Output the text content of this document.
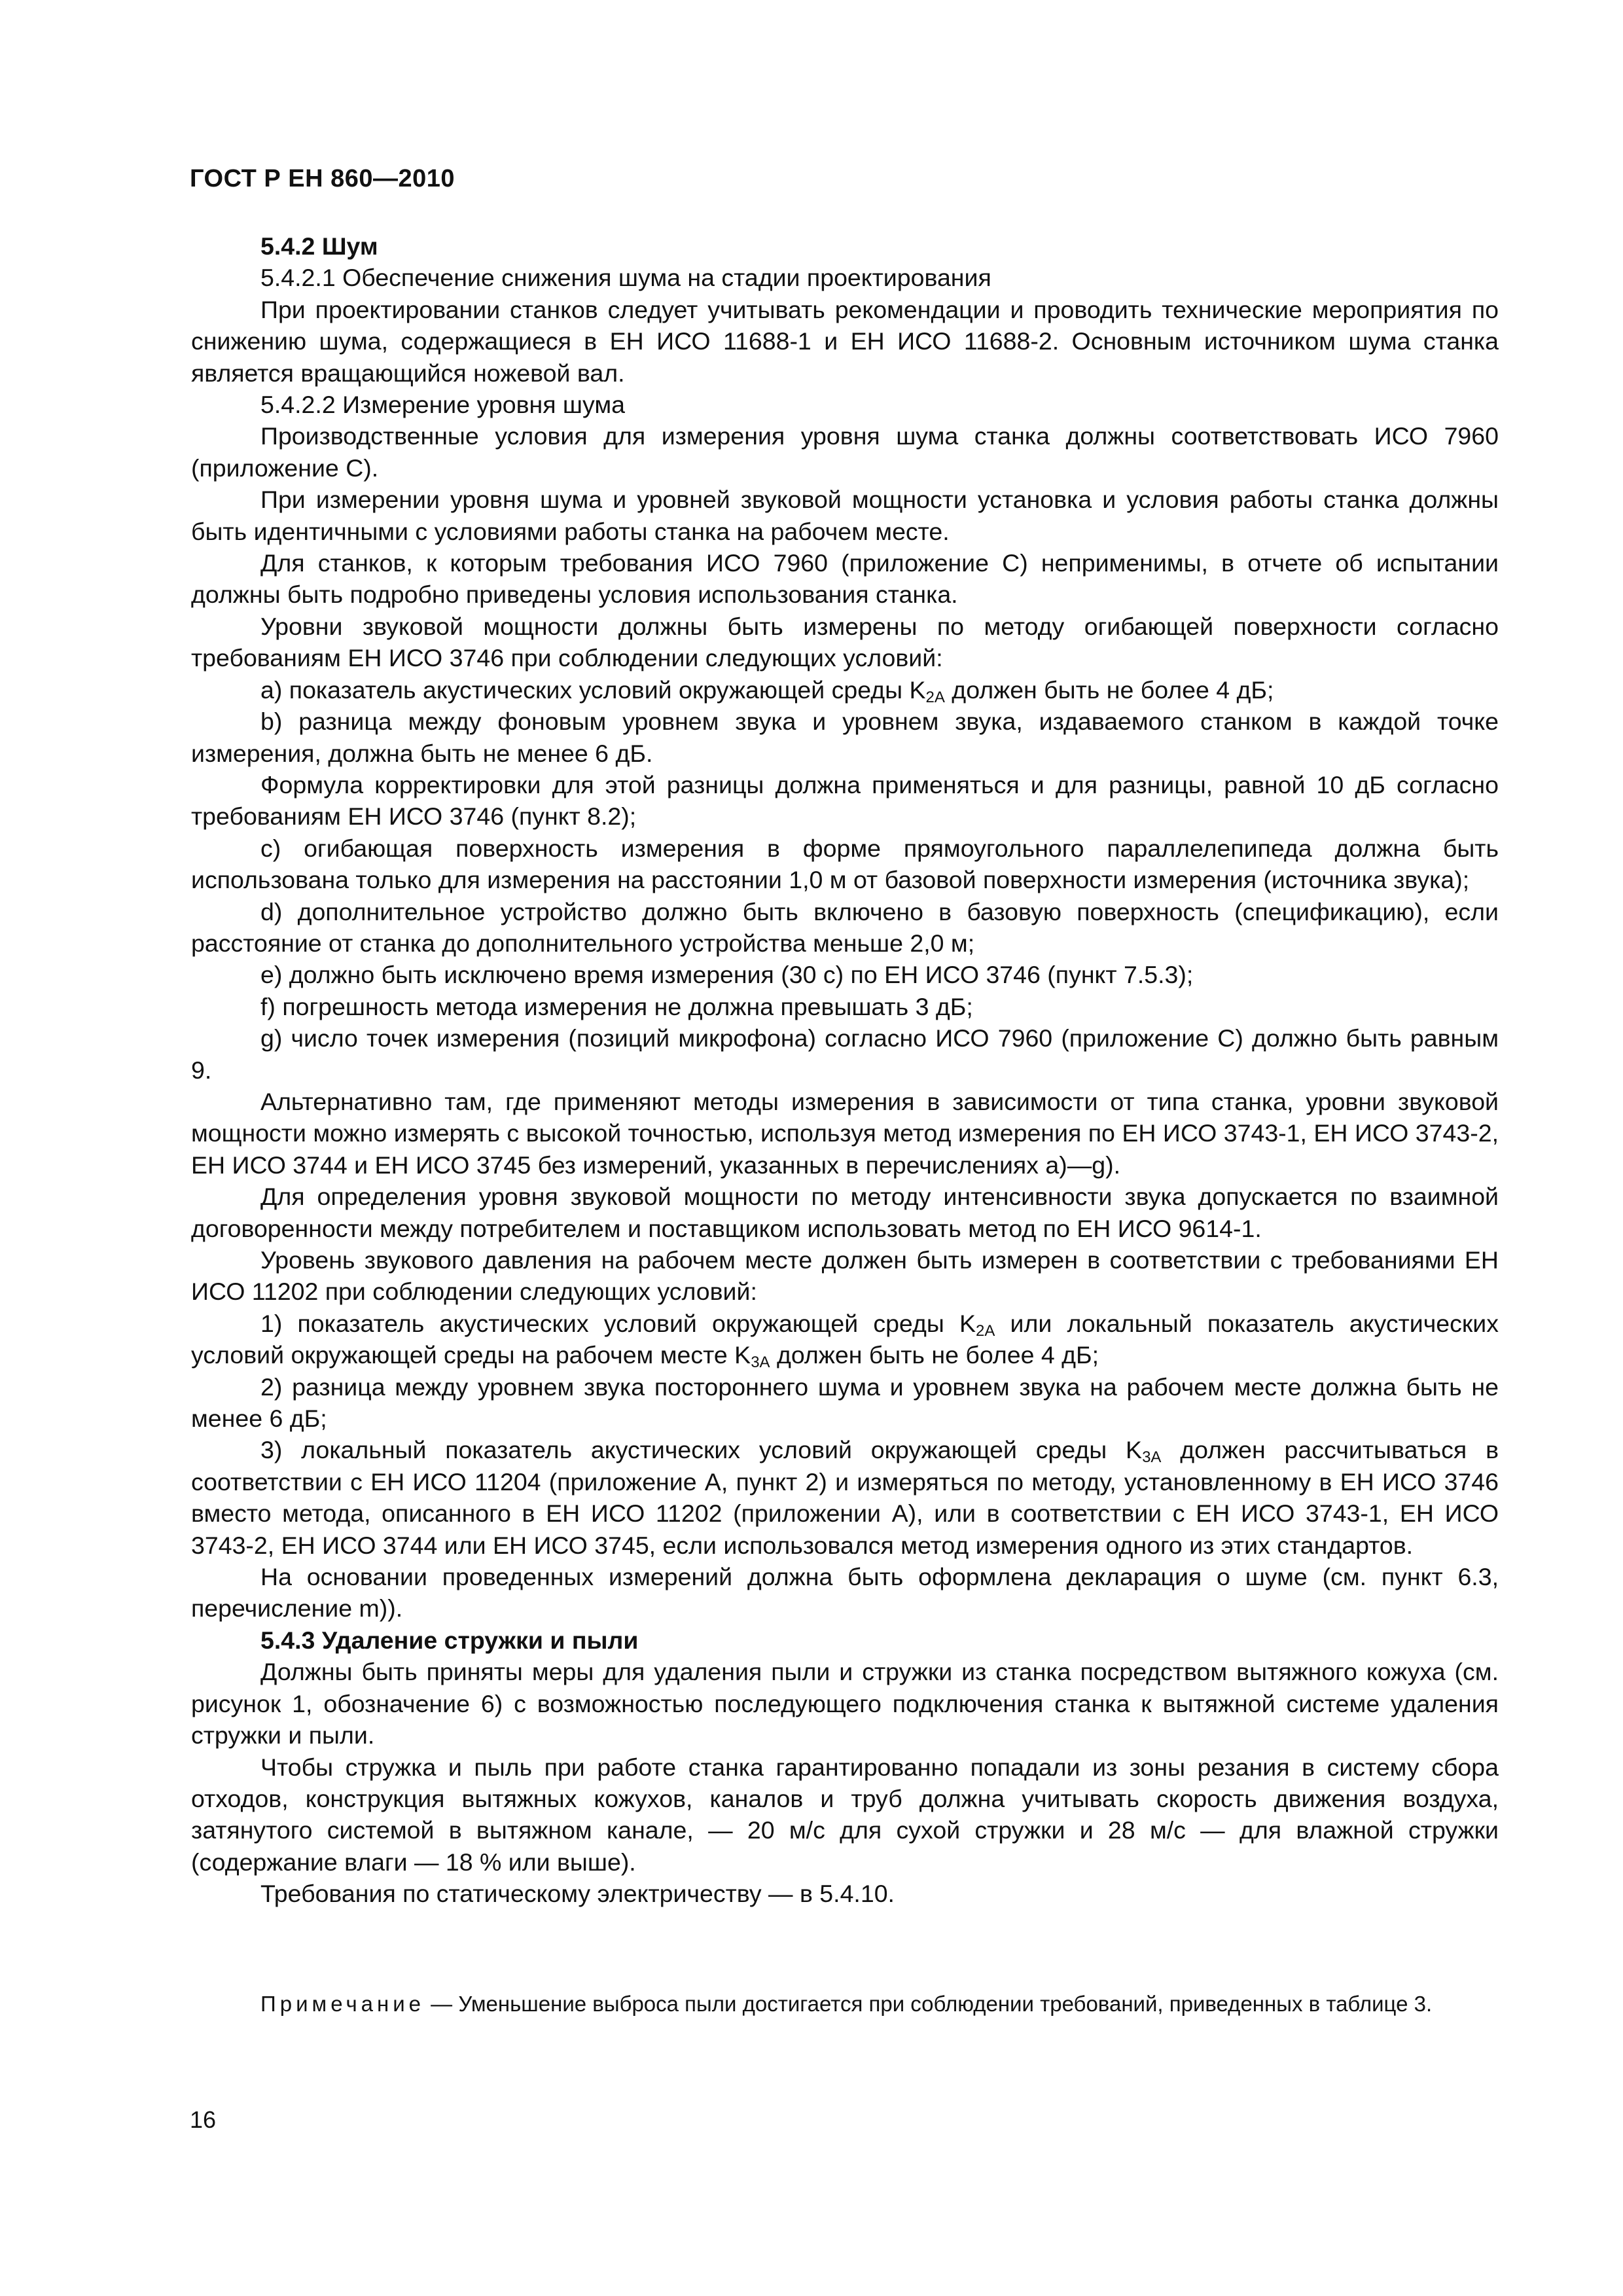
ГОСТ Р ЕН 860—2010

5.4.2 Шум

5.4.2.1 Обеспечение снижения шума на стадии проектирования

При проектировании станков следует учитывать рекомендации и проводить технические мероприятия по снижению шума, содержащиеся в ЕН ИСО 11688-1 и ЕН ИСО 11688-2. Основным источником шума станка является вращающийся ножевой вал.

5.4.2.2 Измерение уровня шума

Производственные условия для измерения уровня шума станка должны соответствовать ИСО 7960 (приложение С).

При измерении уровня шума и уровней звуковой мощности установка и условия работы станка должны быть идентичными с условиями работы станка на рабочем месте.

Для станков, к которым требования ИСО 7960 (приложение С) неприменимы, в отчете об испытании должны быть подробно приведены условия использования станка.

Уровни звуковой мощности должны быть измерены по методу огибающей поверхности согласно требованиям ЕН ИСО 3746 при соблюдении следующих условий:

a) показатель акустических условий окружающей среды $K_{2A}$ должен быть не более 4 дБ;

b) разница между фоновым уровнем звука и уровнем звука, издаваемого станком в каждой точке измерения, должна быть не менее 6 дБ.

Формула корректировки для этой разницы должна применяться и для разницы, равной 10 дБ согласно требованиям ЕН ИСО 3746 (пункт 8.2);

c) огибающая поверхность измерения в форме прямоугольного параллелепипеда должна быть использована только для измерения на расстоянии 1,0 м от базовой поверхности измерения (источника звука);

d) дополнительное устройство должно быть включено в базовую поверхность (спецификацию), если расстояние от станка до дополнительного устройства меньше 2,0 м;

e) должно быть исключено время измерения (30 с) по ЕН ИСО 3746 (пункт 7.5.3);

f) погрешность метода измерения не должна превышать 3 дБ;

g) число точек измерения (позиций микрофона) согласно ИСО 7960 (приложение С) должно быть равным 9.

Альтернативно там, где применяют методы измерения в зависимости от типа станка, уровни звуковой мощности можно измерять с высокой точностью, используя метод измерения по ЕН ИСО 3743-1, ЕН ИСО 3743-2, ЕН ИСО 3744 и ЕН ИСО 3745 без измерений, указанных в перечислениях а)—g).

Для определения уровня звуковой мощности по методу интенсивности звука допускается по взаимной договоренности между потребителем и поставщиком использовать метод по ЕН ИСО 9614-1.

Уровень звукового давления на рабочем месте должен быть измерен в соответствии с требованиями ЕН ИСО 11202 при соблюдении следующих условий:

1) показатель акустических условий окружающей среды $K_{2A}$ или локальный показатель акустических условий окружающей среды на рабочем месте $K_{3A}$ должен быть не более 4 дБ;

2) разница между уровнем звука постороннего шума и уровнем звука на рабочем месте должна быть не менее 6 дБ;

3) локальный показатель акустических условий окружающей среды $K_{3A}$ должен рассчитываться в соответствии с ЕН ИСО 11204 (приложение А, пункт 2) и измеряться по методу, установленному в ЕН ИСО 3746 вместо метода, описанного в ЕН ИСО 11202 (приложении А), или в соответствии с ЕН ИСО 3743-1, ЕН ИСО 3743-2, ЕН ИСО 3744 или ЕН ИСО 3745, если использовался метод измерения одного из этих стандартов.

На основании проведенных измерений должна быть оформлена декларация о шуме (см. пункт 6.3, перечисление m)).

5.4.3 Удаление стружки и пыли

Должны быть приняты меры для удаления пыли и стружки из станка посредством вытяжного кожуха (см. рисунок 1, обозначение 6) с возможностью последующего подключения станка к вытяжной системе удаления стружки и пыли.

Чтобы стружка и пыль при работе станка гарантированно попадали из зоны резания в систему сбора отходов, конструкция вытяжных кожухов, каналов и труб должна учитывать скорость движения воздуха, затянутого системой в вытяжном канале, — 20 м/с для сухой стружки и 28 м/с — для влажной стружки (содержание влаги — 18 % или выше).

Требования по статическому электричеству — в 5.4.10.

Примечание — Уменьшение выброса пыли достигается при соблюдении требований, приведенных в таблице 3.

16
